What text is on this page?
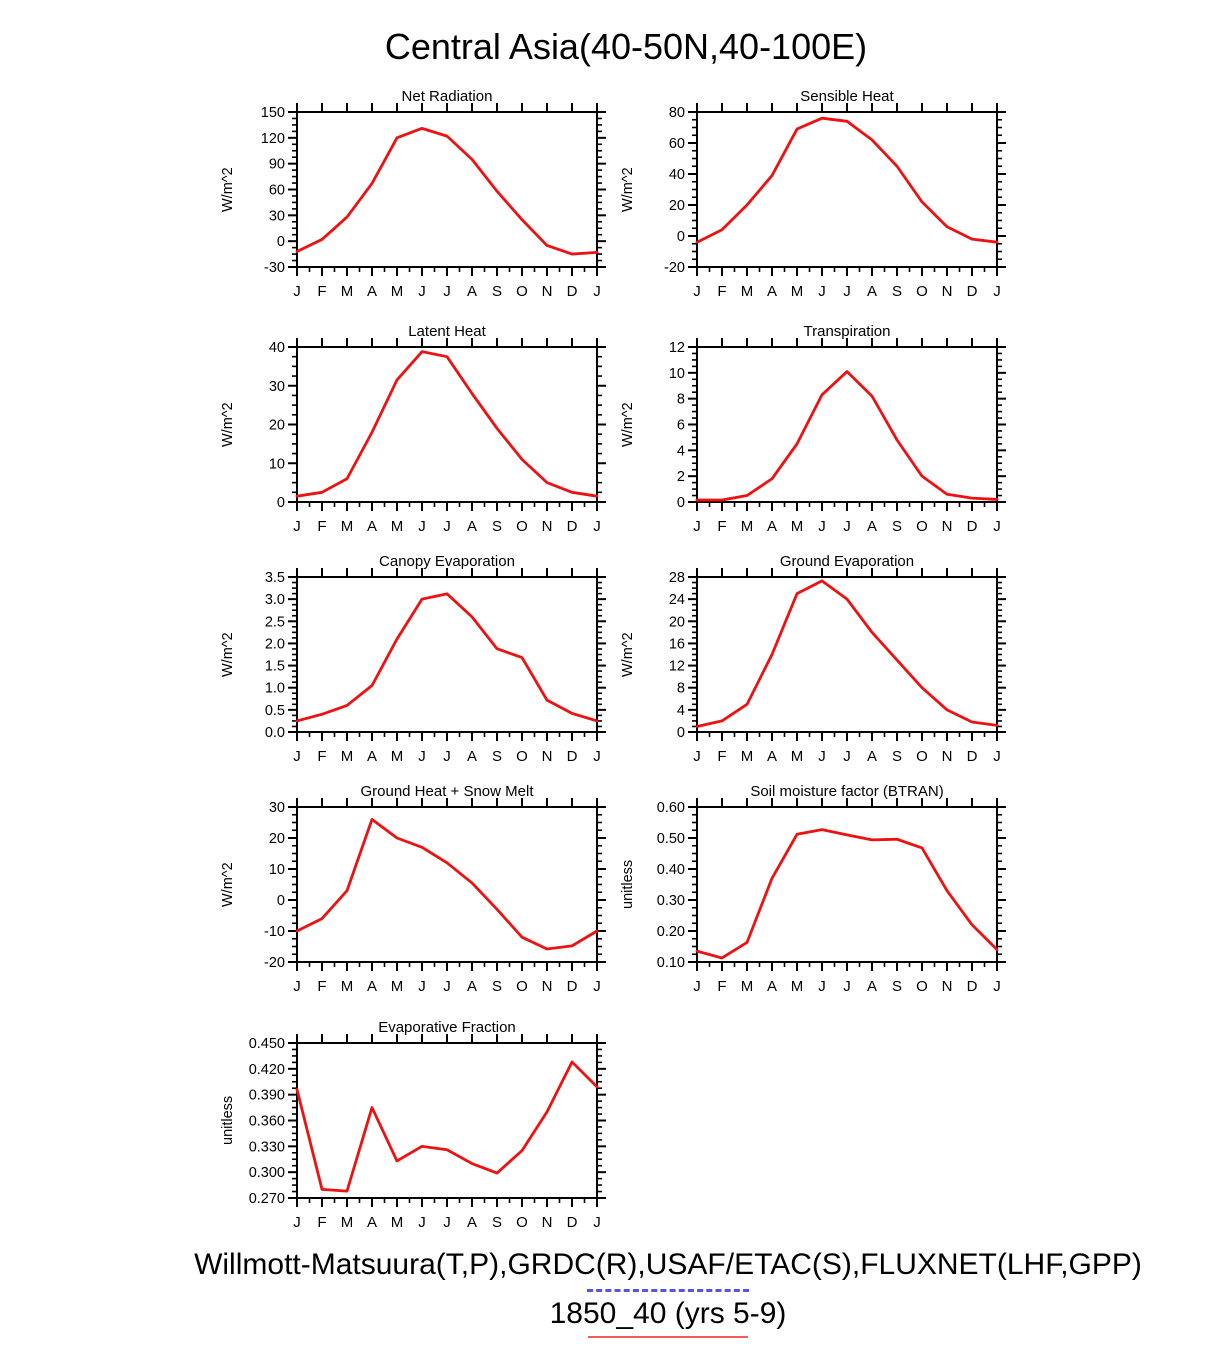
Central Asia(40-50N,40-100E)
Net Radiation
W/m^2
-30
0
30
60
90
120
150
J F M A M J J A S O N D J
Sensible Heat
W/m^2
-20
0
20
40
60
80
J F M A M J J A S O N D J
Latent Heat
W/m^2
0
10
20
30
40
J F M A M J J A S O N D J
Transpiration
W/m^2
0
2
4
6
8
10
12
J F M A M J J A S O N D J
Canopy Evaporation
W/m^2
0.0
0.5
1.0
1.5
2.0
2.5
3.0
3.5
J F M A M J J A S O N D J
Ground Evaporation
W/m^2
0
4
8
12
16
20
24
28
J F M A M J J A S O N D J
Ground Heat + Snow Melt
W/m^2
-20
-10
0
10
20
30
J F M A M J J A S O N D J
Soil moisture factor (BTRAN)
unitless
0.10
0.20
0.30
0.40
0.50
0.60
J F M A M J J A S O N D J
Evaporative Fraction
unitless
0.270
0.300
0.330
0.360
0.390
0.420
0.450
J F M A M J J A S O N D J
Willmott-Matsuura(T,P),GRDC(R),USAF/ETAC(S),FLUXNET(LHF,GPP)
1850_40 (yrs 5-9)
